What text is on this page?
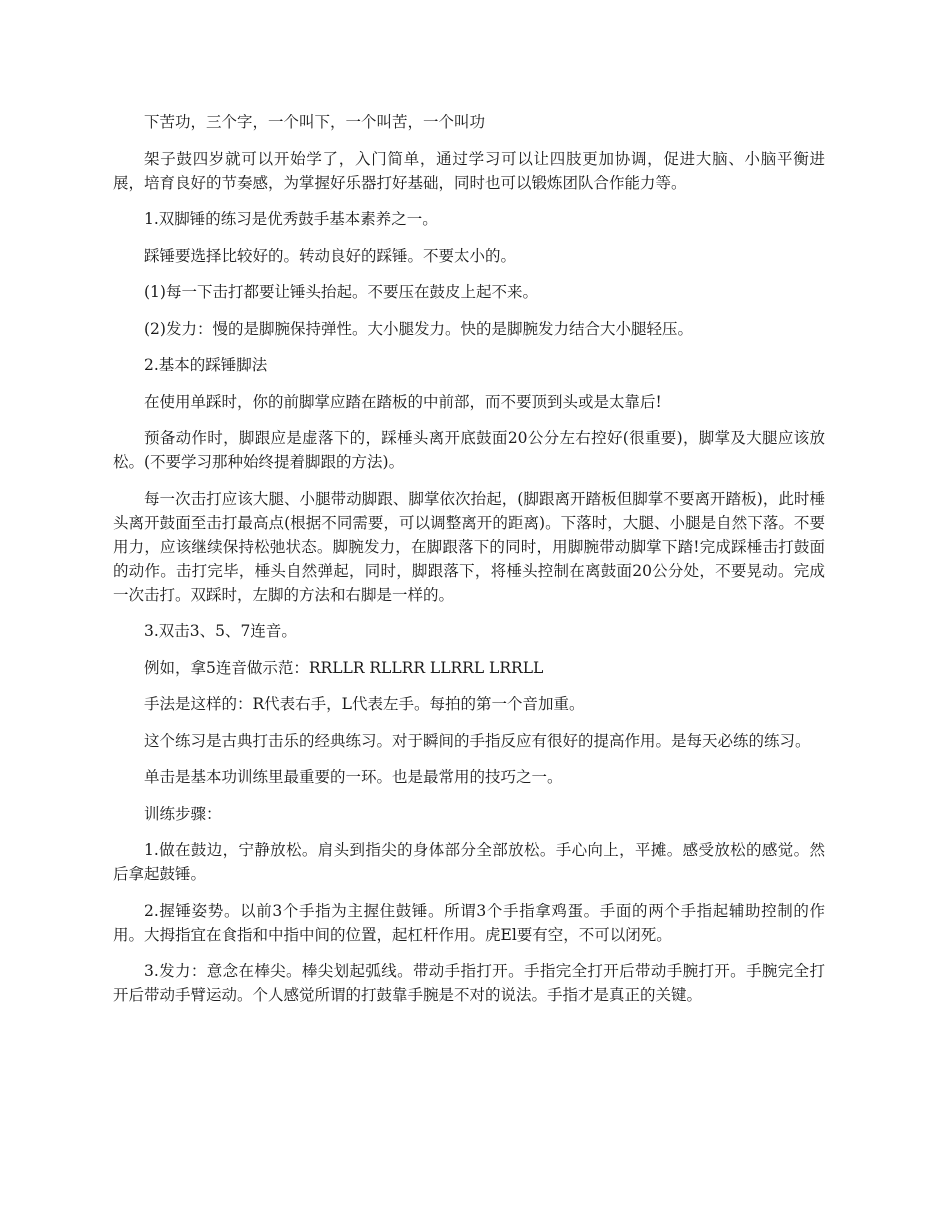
下苦功，三个字，一个叫下，一个叫苦，一个叫功

架子鼓四岁就可以开始学了，入门简单，通过学习可以让四肢更加协调，促进大脑、小脑平衡进展，培育良好的节奏感，为掌握好乐器打好基础，同时也可以锻炼团队合作能力等。

1.双脚锤的练习是优秀鼓手基本素养之一。

踩锤要选择比较好的。转动良好的踩锤。不要太小的。

(1)每一下击打都要让锤头抬起。不要压在鼓皮上起不来。

(2)发力：慢的是脚腕保持弹性。大小腿发力。快的是脚腕发力结合大小腿轻压。

2.基本的踩锤脚法

在使用单踩时，你的前脚掌应踏在踏板的中前部，而不要顶到头或是太靠后!

预备动作时，脚跟应是虚落下的，踩棰头离开底鼓面20公分左右控好(很重要)，脚掌及大腿应该放松。(不要学习那种始终提着脚跟的方法)。

每一次击打应该大腿、小腿带动脚跟、脚掌依次抬起，(脚跟离开踏板但脚掌不要离开踏板)，此时棰头离开鼓面至击打最高点(根据不同需要，可以调整离开的距离)。下落时，大腿、小腿是自然下落。不要用力，应该继续保持松弛状态。脚腕发力，在脚跟落下的同时，用脚腕带动脚掌下踏!完成踩棰击打鼓面的动作。击打完毕，棰头自然弹起，同时，脚跟落下，将棰头控制在离鼓面20公分处，不要晃动。完成一次击打。双踩时，左脚的方法和右脚是一样的。

3.双击3、5、7连音。

例如，拿5连音做示范：RRLLR RLLRR LLRRL LRRLL

手法是这样的：R代表右手，L代表左手。每拍的第一个音加重。

这个练习是古典打击乐的经典练习。对于瞬间的手指反应有很好的提高作用。是每天必练的练习。

单击是基本功训练里最重要的一环。也是最常用的技巧之一。

训练步骤：

1.做在鼓边，宁静放松。肩头到指尖的身体部分全部放松。手心向上，平摊。感受放松的感觉。然后拿起鼓锤。

2.握锤姿势。以前3个手指为主握住鼓锤。所谓3个手指拿鸡蛋。手面的两个手指起辅助控制的作用。大拇指宜在食指和中指中间的位置，起杠杆作用。虎El要有空，不可以闭死。

3.发力：意念在棒尖。棒尖划起弧线。带动手指打开。手指完全打开后带动手腕打开。手腕完全打开后带动手臂运动。个人感觉所谓的打鼓靠手腕是不对的说法。手指才是真正的关键。
